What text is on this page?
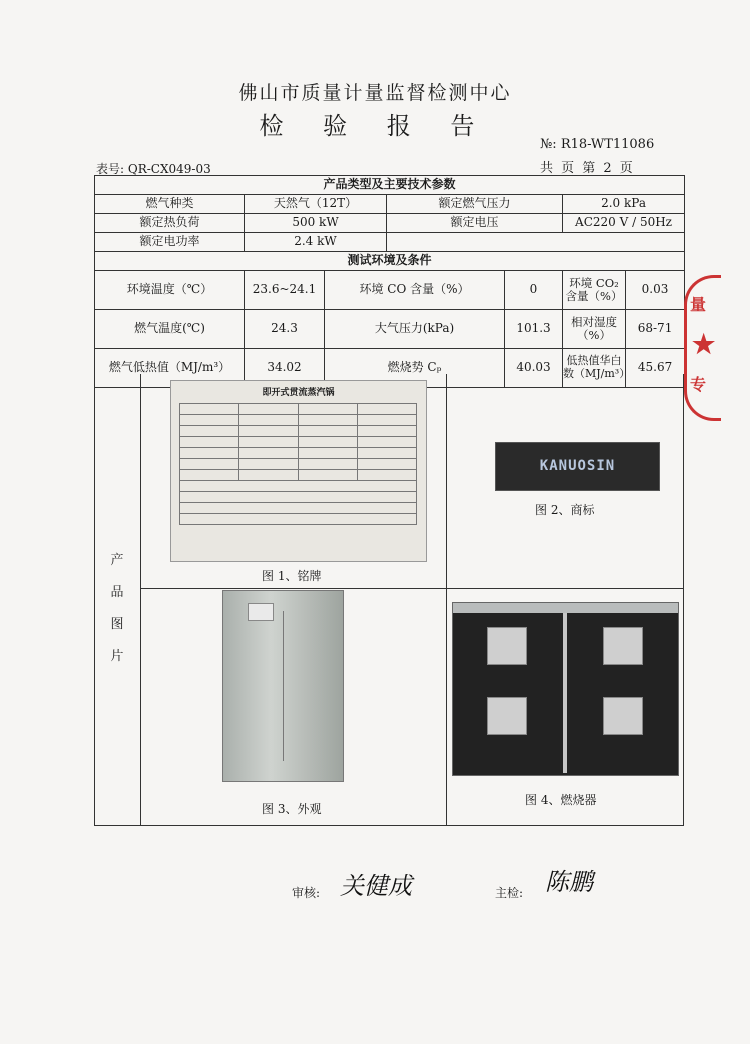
佛山市质量计量监督检测中心
检 验 报 告
№: R18-WT11086
表号: QR-CX049-03	共 页 第 2 页
产品类型及主要技术参数					
燃气种类	天然气（12T）		额定燃气压力		2.0 kPa
额定热负荷	500 kW		额定电压		AC220 V / 50Hz
额定电功率	2.4 kW				
测试环境及条件					
环境温度（℃）	23.6~24.1	环境 CO 含量（%）		0	环境 CO₂ 含量（%） 0.03

燃气温度(℃)	24.3	大气压力(kPa)		101.3	相对湿度（%） 68-71

燃气低热值（MJ/m³）	34.02	燃烧势 Cₚ		40.03	低热值华白数（MJ/m³） 45.67
产品图片
即开式贯流蒸汽锅

图 1、铭牌
KANUOSIN
图 2、商标
图 3、外观
图 4、燃烧器
审核: 关健成	主检: 陈鹏
量
★
专
